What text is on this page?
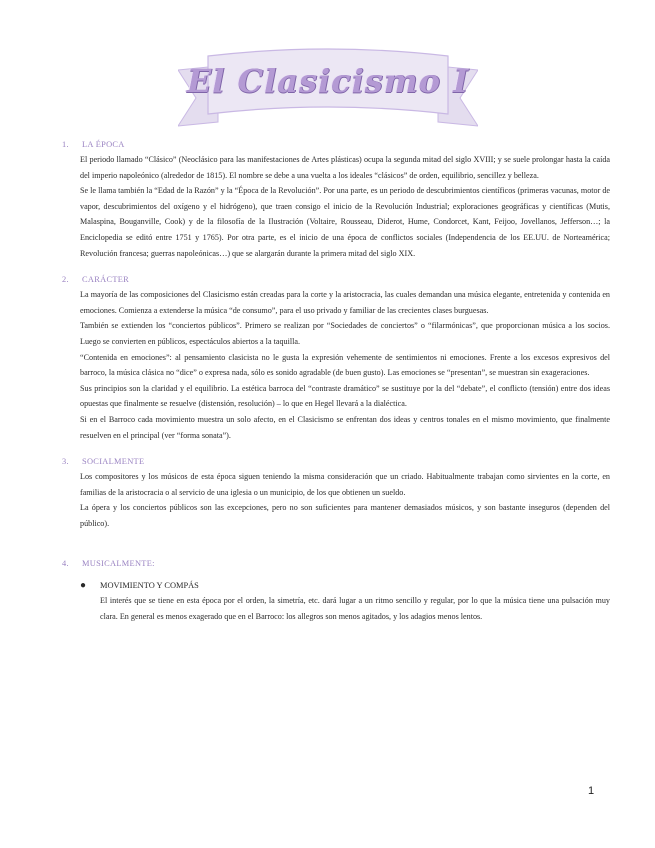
El Clasicismo I
1. LA ÉPOCA
El periodo llamado “Clásico” (Neoclásico para las manifestaciones de Artes plásticas) ocupa la segunda mitad del siglo XVIII; y se suele prolongar hasta la caída del imperio napoleónico (alrededor de 1815). El nombre se debe a una vuelta a los ideales “clásicos” de orden, equilibrio, sencillez y belleza.
Se le llama también la “Edad de la Razón” y la “Época de la Revolución”. Por una parte, es un periodo de descubrimientos científicos (primeras vacunas, motor de vapor, descubrimientos del oxígeno y el hidrógeno), que traen consigo el inicio de la Revolución Industrial; exploraciones geográficas y científicas (Mutis, Malaspina, Bouganville, Cook) y de la filosofía de la Ilustración (Voltaire, Rousseau, Diderot, Hume, Condorcet, Kant, Feijoo, Jovellanos, Jefferson…; la Enciclopedia se editó entre 1751 y 1765). Por otra parte, es el inicio de una época de conflictos sociales (Independencia de los EE.UU. de Norteamérica; Revolución francesa; guerras napoleónicas…) que se alargarán durante la primera mitad del siglo XIX.
2. CARÁCTER
La mayoría de las composiciones del Clasicismo están creadas para la corte y la aristocracia, las cuales demandan una música elegante, entretenida y contenida en emociones. Comienza a extenderse la música “de consumo”, para el uso privado y familiar de las crecientes clases burguesas.
También se extienden los “conciertos públicos”. Primero se realizan por “Sociedades de conciertos” o “filarmónicas”, que proporcionan música a los socios. Luego se convierten en públicos, espectáculos abiertos a la taquilla.
“Contenida en emociones”: al pensamiento clasicista no le gusta la expresión vehemente de sentimientos ni emociones. Frente a los excesos expresivos del barroco, la música clásica no “dice” o expresa nada, sólo es sonido agradable (de buen gusto). Las emociones se “presentan”, se muestran sin exageraciones.
Sus principios son la claridad y el equilibrio. La estética barroca del “contraste dramático” se sustituye por la del “debate”, el conflicto (tensión) entre dos ideas opuestas que finalmente se resuelve (distensión, resolución) – lo que en Hegel llevará a la dialéctica.
Si en el Barroco cada movimiento muestra un solo afecto, en el Clasicismo se enfrentan dos ideas y centros tonales en el mismo movimiento, que finalmente resuelven en el principal (ver “forma sonata”).
3. SOCIALMENTE
Los compositores y los músicos de esta época siguen teniendo la misma consideración que un criado. Habitualmente trabajan como sirvientes en la corte, en familias de la aristocracia o al servicio de una iglesia o un municipio, de los que obtienen un sueldo.
La ópera y los conciertos públicos son las excepciones, pero no son suficientes para mantener demasiados músicos, y son bastante inseguros (dependen del público).
4. MUSICALMENTE:
●	MOVIMIENTO Y COMPÁS
El interés que se tiene en esta época por el orden, la simetría, etc. dará lugar a un ritmo sencillo y regular, por lo que la música tiene una pulsación muy clara. En general es menos exagerado que en el Barroco: los allegros son menos agitados, y los adagios menos lentos.
1
